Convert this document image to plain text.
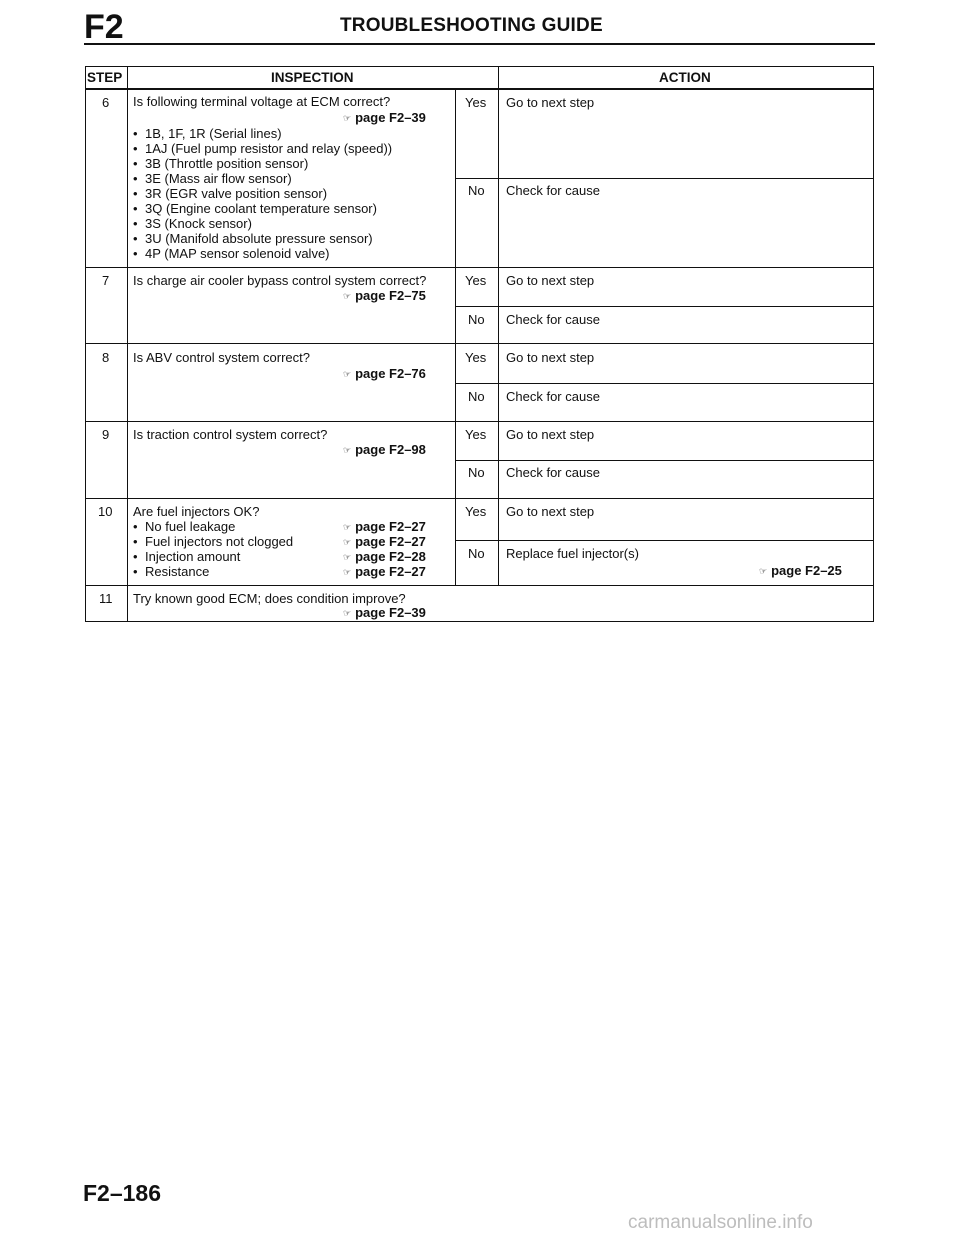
F2	TROUBLESHOOTING GUIDE
STEP	INSPECTION	ACTION
6 Is following terminal voltage at ECM correct?
☞ page F2–39
• 1B, 1F, 1R (Serial lines)
• 1AJ (Fuel pump resistor and relay (speed))
• 3B (Throttle position sensor)
• 3E (Mass air flow sensor)
• 3R (EGR valve position sensor)
• 3Q (Engine coolant temperature sensor)
• 3S (Knock sensor)
• 3U (Manifold absolute pressure sensor)
• 4P (MAP sensor solenoid valve)
Yes Go to next step
No Check for cause
7 Is charge air cooler bypass control system correct?
☞ page F2–75
Yes Go to next step
No Check for cause
8 Is ABV control system correct?
☞ page F2–76
Yes Go to next step
No Check for cause
9 Is traction control system correct?
☞ page F2–98
Yes Go to next step
No Check for cause
10 Are fuel injectors OK?
• No fuel leakage	☞ page F2–27
• Fuel injectors not clogged	☞ page F2–27
• Injection amount	☞ page F2–28
• Resistance	☞ page F2–27
Yes Go to next step
No Replace fuel injector(s)
☞ page F2–25
11 Try known good ECM; does condition improve?
☞ page F2–39
F2–186
carmanualsonline.info
